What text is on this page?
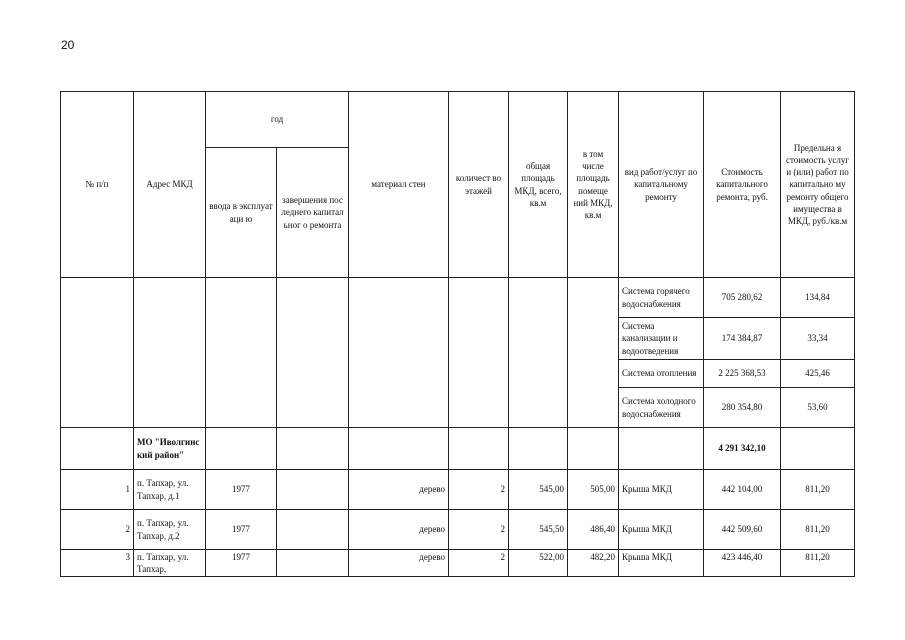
20
№ п/п	Адрес МКД	год		материал стен	количест во этажей	общая площадь МКД, всего, кв.м	в том числе площадь помеще ний МКД, кв.м	вид работ/услуг по капитальному ремонту	Стоимость капитального ремонта, руб.	Предельна я стоимость услуг и (или) работ по капитально му ремонту общего имущества в МКД, руб./кв.м
		ввода в эксплуатаци ю	завершения последнего капитальног о ремонта							
								Система горячего водоснабжения	705 280,62	134,84
								Система канализации и водоотведения	174 384,87	33,34
								Система отопления	2 225 368,53	425,46
								Система холодного водоснабжения	280 354,80	53,60
	МО "Иволгинский район"								4 291 342,10	
1	п. Тапхар, ул. Тапхар, д.1	1977		дерево	2	545,00	505,00	Крыша МКД	442 104,00	811,20
2	п. Тапхар, ул. Тапхар, д.2	1977		дерево	2	545,50	486,40	Крыша МКД	442 509,60	811,20
3	п. Тапхар, ул. Тапхар,	1977		дерево	2	522,00	482,20	Крыша МКД	423 446,40	811,20
